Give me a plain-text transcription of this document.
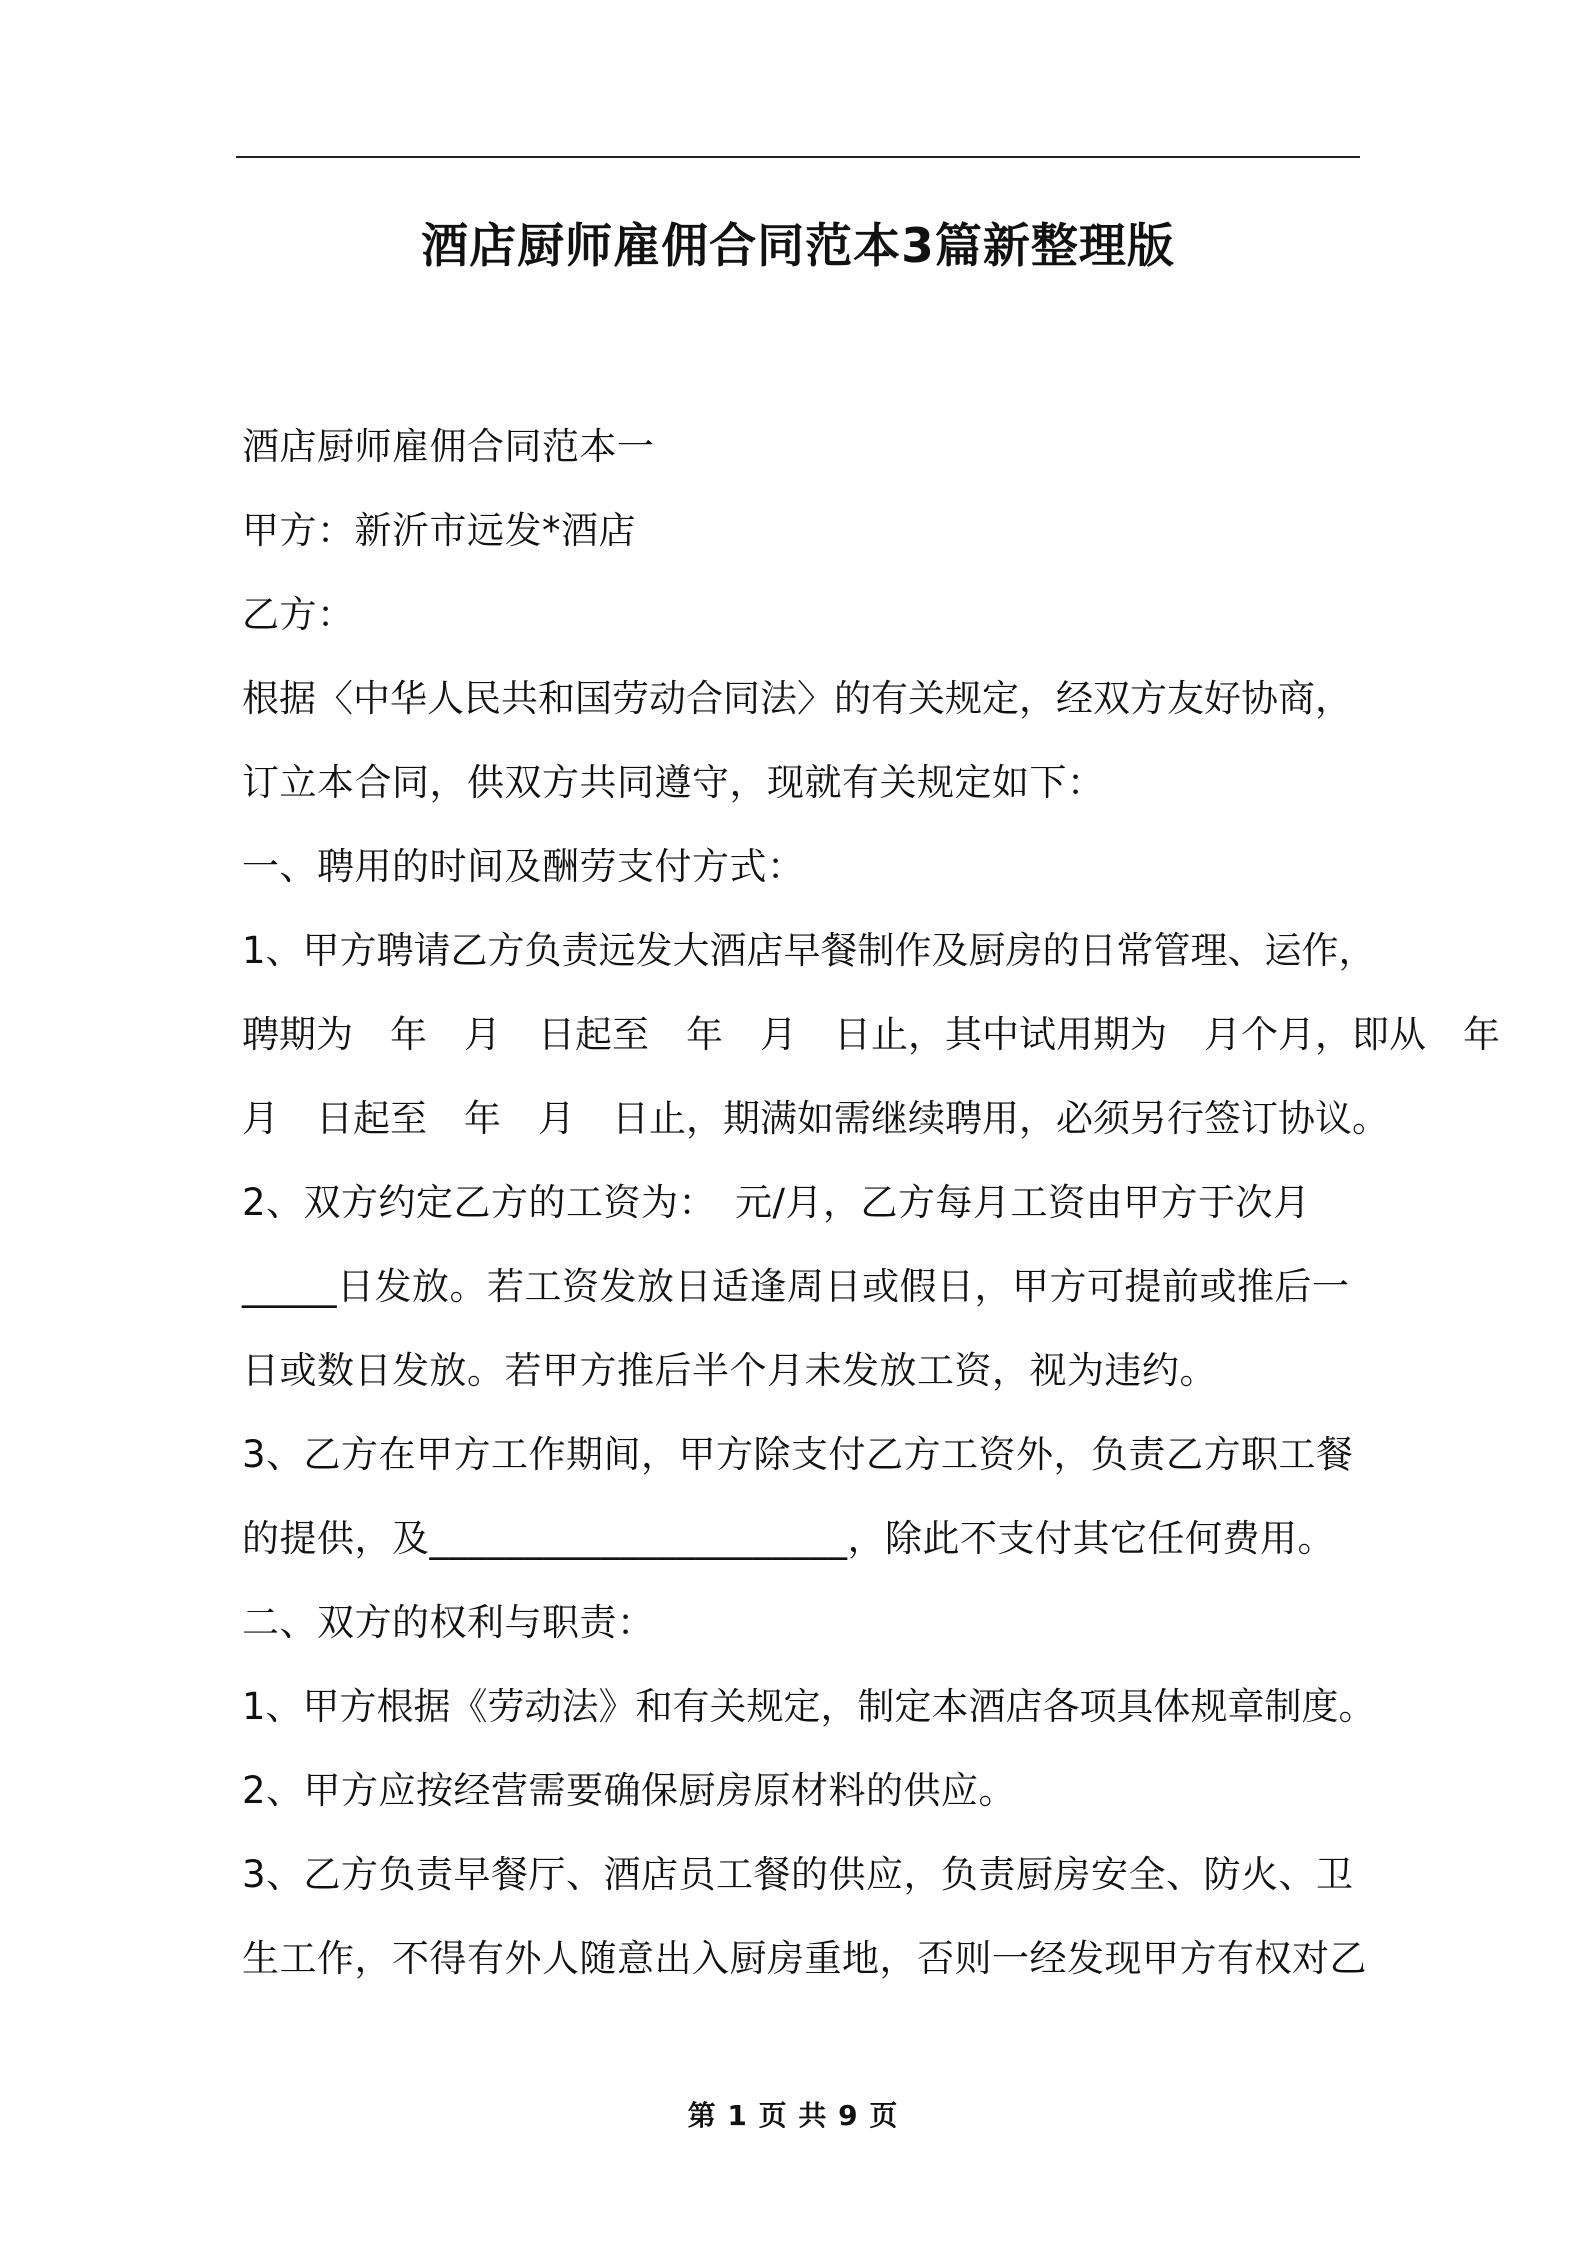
酒店厨师雇佣合同范本3篇新整理版
酒店厨师雇佣合同范本一
甲方：新沂市远发*酒店
乙方：
根据〈中华人民共和国劳动合同法〉的有关规定，经双方友好协商，
订立本合同，供双方共同遵守，现就有关规定如下：
一、聘用的时间及酬劳支付方式：
1、甲方聘请乙方负责远发大酒店早餐制作及厨房的日常管理、运作，
聘期为　年　月　日起至　年　月　日止，其中试用期为　月个月，即从　年
月　日起至　年　月　日止，期满如需继续聘用，必须另行签订协议。
2、双方约定乙方的工资为：　元/月，乙方每月工资由甲方于次月
_____日发放。若工资发放日适逢周日或假日，甲方可提前或推后一
日或数日发放。若甲方推后半个月未发放工资，视为违约。
3、乙方在甲方工作期间，甲方除支付乙方工资外，负责乙方职工餐
的提供，及______________________，除此不支付其它任何费用。
二、双方的权利与职责：
1、甲方根据《劳动法》和有关规定，制定本酒店各项具体规章制度。
2、甲方应按经营需要确保厨房原材料的供应。
3、乙方负责早餐厅、酒店员工餐的供应，负责厨房安全、防火、卫
生工作，不得有外人随意出入厨房重地，否则一经发现甲方有权对乙
第 1 页 共 9 页
